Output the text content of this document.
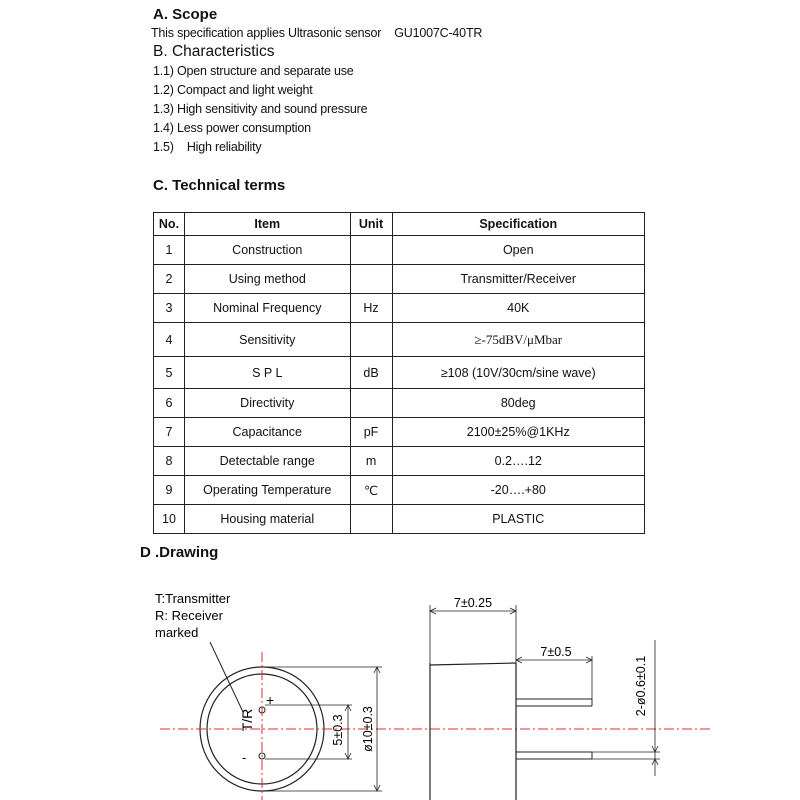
A. Scope
This specification applies Ultrasonic sensor    GU1007C-40TR
B. Characteristics
1.1) Open structure and separate use
1.2) Compact and light weight
1.3) High sensitivity and sound pressure
1.4) Less power consumption
1.5)    High reliability
C. Technical terms
No.	Item	Unit	Specification
1	Construction		Open
2	Using method		Transmitter/Receiver
3	Nominal Frequency	Hz	40K
4	Sensitivity		≥-75dBV/μMbar
5	S P L	dB	≥108 (10V/30cm/sine wave)
6	Directivity		80deg
7	Capacitance	pF	2100±25%@1KHz
8	Detectable range	m	0.2….12
9	Operating Temperature	℃	-20….+80
10	Housing material		PLASTIC
D .Drawing
T:Transmitter
R: Receiver
marked
T/R
+
-
5±0.3 ø10±0.3
7±0.25
7±0.5
2-ø0.6±0.1
